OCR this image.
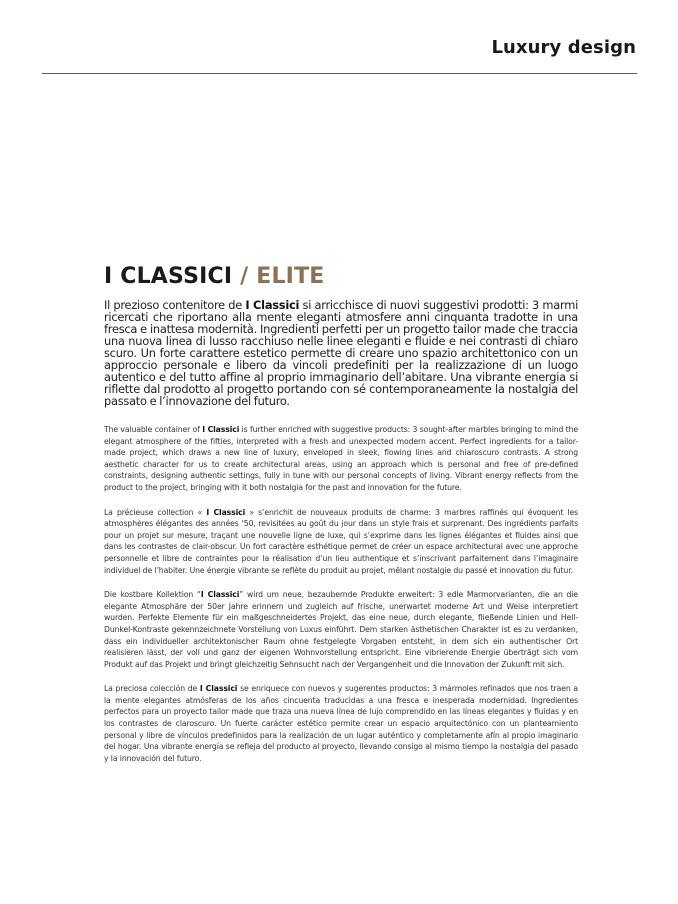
Luxury design
I CLASSICI / ELITE

Il prezioso contenitore de I Classici si arricchisce di nuovi suggestivi prodotti: 3 marmi ricercati che riportano alla mente eleganti atmosfere anni cinquanta tradotte in una fresca e inattesa modernità. Ingredienti perfetti per un progetto tailor made che traccia una nuova linea di lusso racchiuso nelle linee eleganti e fluide e nei contrasti di chiaro scuro. Un forte carattere estetico permette di creare uno spazio architettonico con un approccio personale e libero da vincoli predefiniti per la realizzazione di un luogo autentico e del tutto affine al proprio immaginario dell’abitare. Una vibrante energia si riflette dal prodotto al progetto portando con sé contemporaneamente la nostalgia del passato e l’innovazione del futuro.

The valuable container of I Classici is further enriched with suggestive products: 3 sought-after marbles bringing to mind the elegant atmosphere of the fifties, interpreted with a fresh and unexpected modern accent. Perfect ingredients for a tailor-made project, which draws a new line of luxury, enveloped in sleek, flowing lines and chiaroscuro contrasts. A strong aesthetic character for us to create architectural areas, using an approach which is personal and free of pre-defined constraints, designing authentic settings, fully in tune with our personal concepts of living. Vibrant energy reflects from the product to the project, bringing with it both nostalgia for the past and innovation for the future.

La précieuse collection « I Classici » s’enrichit de nouveaux produits de charme: 3 marbres raffinés qui évoquent les atmosphères élégantes des années ‘50, revisitées au goût du jour dans un style frais et surprenant. Des ingrédients parfaits pour un projet sur mesure, traçant une nouvelle ligne de luxe, qui s’exprime dans les lignes élégantes et fluides ainsi que dans les contrastes de clair-obscur. Un fort caractère esthétique permet de créer un espace architectural avec une approche personnelle et libre de contraintes pour la réalisation d’un lieu authentique et s’inscrivant parfaitement dans l’imaginaire individuel de l’habiter. Une énergie vibrante se reflète du produit au projet, mêlant nostalgie du passé et innovation du futur.

Die kostbare Kollektion “I Classici” wird um neue, bezaubernde Produkte erweitert: 3 edle Marmorvarianten, die an die elegante Atmosphäre der 50er Jahre erinnern und zugleich auf frische, unerwartet moderne Art und Weise interpretiert wurden. Perfekte Elemente für ein maßgeschneidertes Projekt, das eine neue, durch elegante, fließende Linien und Hell-Dunkel-Kontraste gekennzeichnete Vorstellung von Luxus einführt. Dem starken ästhetischen Charakter ist es zu verdanken, dass ein individueller architektonischer Raum ohne festgelegte Vorgaben entsteht, in dem sich ein authentischer Ort realisieren lässt, der voll und ganz der eigenen Wohnvorstellung entspricht. Eine vibrierende Energie überträgt sich vom Produkt auf das Projekt und bringt gleichzeitig Sehnsucht nach der Vergangenheit und die Innovation der Zukunft mit sich.

La preciosa colección de I Classici se enriquece con nuevos y sugerentes productos: 3 mármoles refinados que nos traen a la mente elegantes atmósferas de los años cincuenta traducidas a una fresca e inesperada modernidad. Ingredientes perfectos para un proyecto tailor made que traza una nueva línea de lujo comprendido en las líneas elegantes y fluidas y en los contrastes de claroscuro. Un fuerte carácter estético permite crear un espacio arquitectónico con un planteamiento personal y libre de vínculos predefinidos para la realización de un lugar auténtico y completamente afín al propio imaginario del hogar. Una vibrante energía se refleja del producto al proyecto, llevando consigo al mismo tiempo la nostalgia del pasado y la innovación del futuro.
